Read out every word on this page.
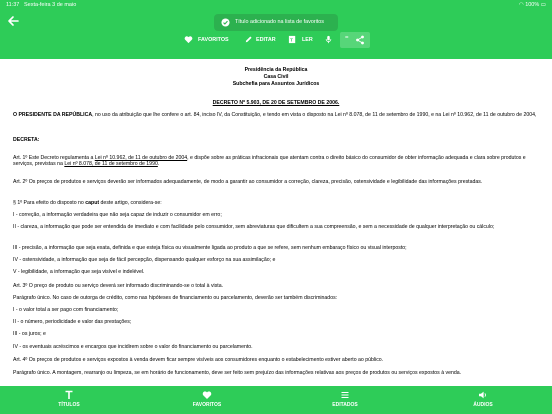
11:37 Sexta-feira 3 de maio	◠ 100% ▭
Título adicionado na lista de favoritos
FAVORITOS	EDITAR	T LER	=
Presidência da República
Casa Civil
Subchefia para Assuntos Jurídicos
DECRETO Nº 5.903, DE 20 DE SETEMBRO DE 2006.
O PRESIDENTE DA REPÚBLICA, no uso da atribuição que lhe confere o art. 84, inciso IV, da Constituição, e tendo em vista o disposto na Lei nº 8.078, de 11 de setembro de 1990, e na Lei nº 10.962, de 11 de outubro de 2004,
DECRETA:
Art. 1º Este Decreto regulamenta a Lei nº 10.962, de 11 de outubro de 2004, e dispõe sobre as práticas infracionais que atentam contra o direito básico do consumidor de obter informação adequada e clara sobre produtos e serviços, previstas na Lei nº 8.078, de 11 de setembro de 1990.
Art. 2º Os preços de produtos e serviços deverão ser informados adequadamente, de modo a garantir ao consumidor a correção, clareza, precisão, ostensividade e legibilidade das informações prestadas.
§ 1º Para efeito do disposto no caput deste artigo, considera-se:
I - correção, a informação verdadeira que não seja capaz de induzir o consumidor em erro;
II - clareza, a informação que pode ser entendida de imediato e com facilidade pelo consumidor, sem abreviaturas que dificultem a sua compreensão, e sem a necessidade de qualquer interpretação ou cálculo;
III - precisão, a informação que seja exata, definida e que esteja física ou visualmente ligada ao produto a que se refere, sem nenhum embaraço físico ou visual interposto;
IV - ostensividade, a informação que seja de fácil percepção, dispensando qualquer esforço na sua assimilação; e
V - legibilidade, a informação que seja visível e indelével.
Art. 3º O preço de produto ou serviço deverá ser informado discriminando-se o total à vista.
Parágrafo único. No caso de outorga de crédito, como nas hipóteses de financiamento ou parcelamento, deverão ser também discriminados:
I - o valor total a ser pago com financiamento;
II - o número, periodicidade e valor das prestações;
III - os juros; e
IV - os eventuais acréscimos e encargos que incidirem sobre o valor do financiamento ou parcelamento.
Art. 4º Os preços de produtos e serviços expostos à venda devem ficar sempre visíveis aos consumidores enquanto o estabelecimento estiver aberto ao público.
Parágrafo único. A montagem, rearranjo ou limpeza, se em horário de funcionamento, deve ser feito sem prejuízo das informações relativas aos preços de produtos ou serviços expostos à venda.
TÍTULOS	FAVORITOS	EDITADOS	ÁUDIOS
